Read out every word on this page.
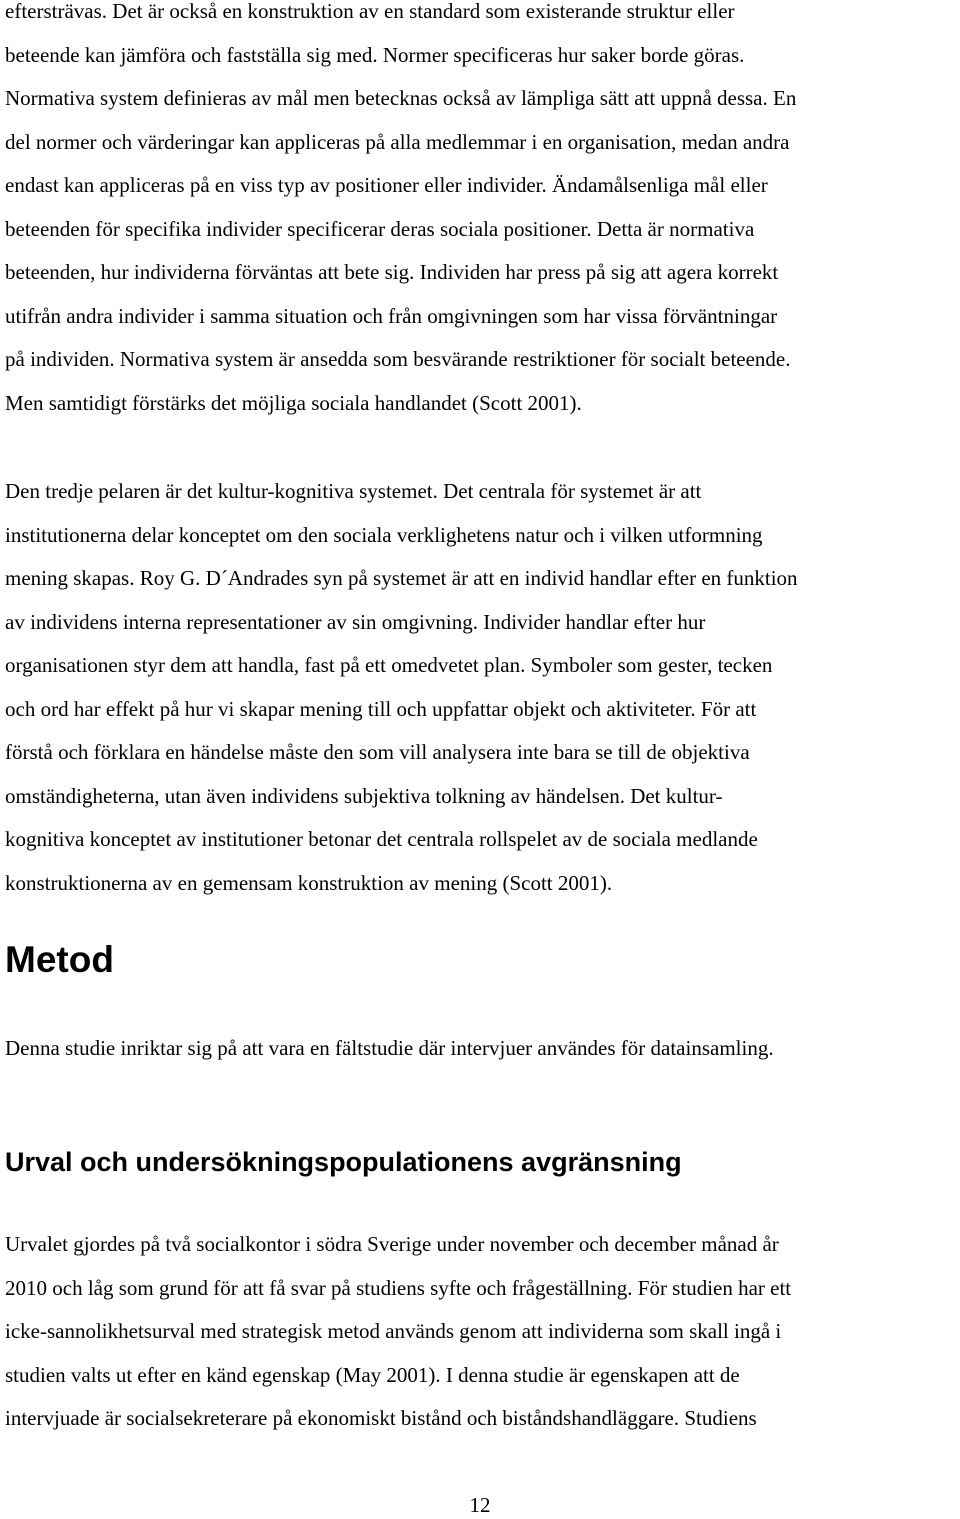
eftersträvas. Det är också en konstruktion av en standard som existerande struktur eller
beteende kan jämföra och fastställa sig med. Normer specificeras hur saker borde göras.
Normativa system definieras av mål men betecknas också av lämpliga sätt att uppnå dessa. En
del normer och värderingar kan appliceras på alla medlemmar i en organisation, medan andra
endast kan appliceras på en viss typ av positioner eller individer. Ändamålsenliga mål eller
beteenden för specifika individer specificerar deras sociala positioner. Detta är normativa
beteenden, hur individerna förväntas att bete sig. Individen har press på sig att agera korrekt
utifrån andra individer i samma situation och från omgivningen som har vissa förväntningar
på individen. Normativa system är ansedda som besvärande restriktioner för socialt beteende.
Men samtidigt förstärks det möjliga sociala handlandet (Scott 2001).

Den tredje pelaren är det kultur-kognitiva systemet. Det centrala för systemet är att
institutionerna delar konceptet om den sociala verklighetens natur och i vilken utformning
mening skapas. Roy G. D´Andrades syn på systemet är att en individ handlar efter en funktion
av individens interna representationer av sin omgivning. Individer handlar efter hur
organisationen styr dem att handla, fast på ett omedvetet plan. Symboler som gester, tecken
och ord har effekt på hur vi skapar mening till och uppfattar objekt och aktiviteter. För att
förstå och förklara en händelse måste den som vill analysera inte bara se till de objektiva
omständigheterna, utan även individens subjektiva tolkning av händelsen. Det kultur-
kognitiva konceptet av institutioner betonar det centrala rollspelet av de sociala medlande
konstruktionerna av en gemensam konstruktion av mening (Scott 2001).

Metod

Denna studie inriktar sig på att vara en fältstudie där intervjuer användes för datainsamling.

Urval och undersökningspopulationens avgränsning

Urvalet gjordes på två socialkontor i södra Sverige under november och december månad år
2010 och låg som grund för att få svar på studiens syfte och frågeställning. För studien har ett
icke-sannolikhetsurval med strategisk metod används genom att individerna som skall ingå i
studien valts ut efter en känd egenskap (May 2001). I denna studie är egenskapen att de
intervjuade är socialsekreterare på ekonomiskt bistånd och biståndshandläggare. Studiens

12
